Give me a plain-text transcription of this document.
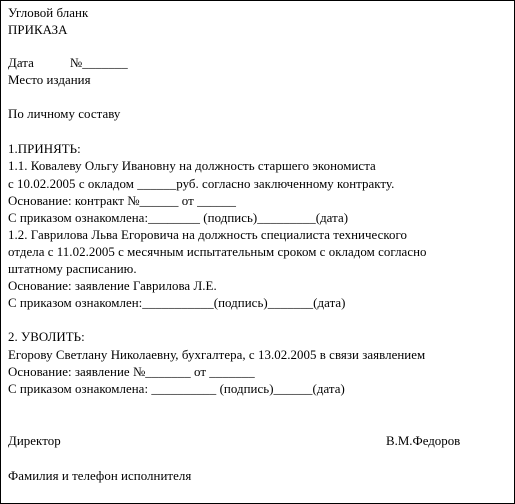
Угловой бланк

ПРИКАЗА

Дата           №_______

Место издания

По личному составу

1.ПРИНЯТЬ:

1.1. Ковалеву Ольгу Ивановну на должность старшего экономиста

с 10.02.2005 с окладом ______руб. согласно заключенному контракту.

Основание: контракт №______ от ______

С приказом ознакомлена:________ (подпись)_________(дата)

1.2. Гаврилова Льва Егоровича на должность специалиста технического

отдела с 11.02.2005 с месячным испытательным сроком с окладом согласно

штатному расписанию.

Основание: заявление Гаврилова Л.Е.

С приказом ознакомлен:___________(подпись)_______(дата)

2. УВОЛИТЬ:

Егорову Светлану Николаевну, бухгалтера, с 13.02.2005 в связи заявлением

Основание: заявление №_______ от _______

С приказом ознакомлена: __________ (подпись)______(дата)

Директор

	В.М.Федоров

Фамилия и телефон исполнителя
